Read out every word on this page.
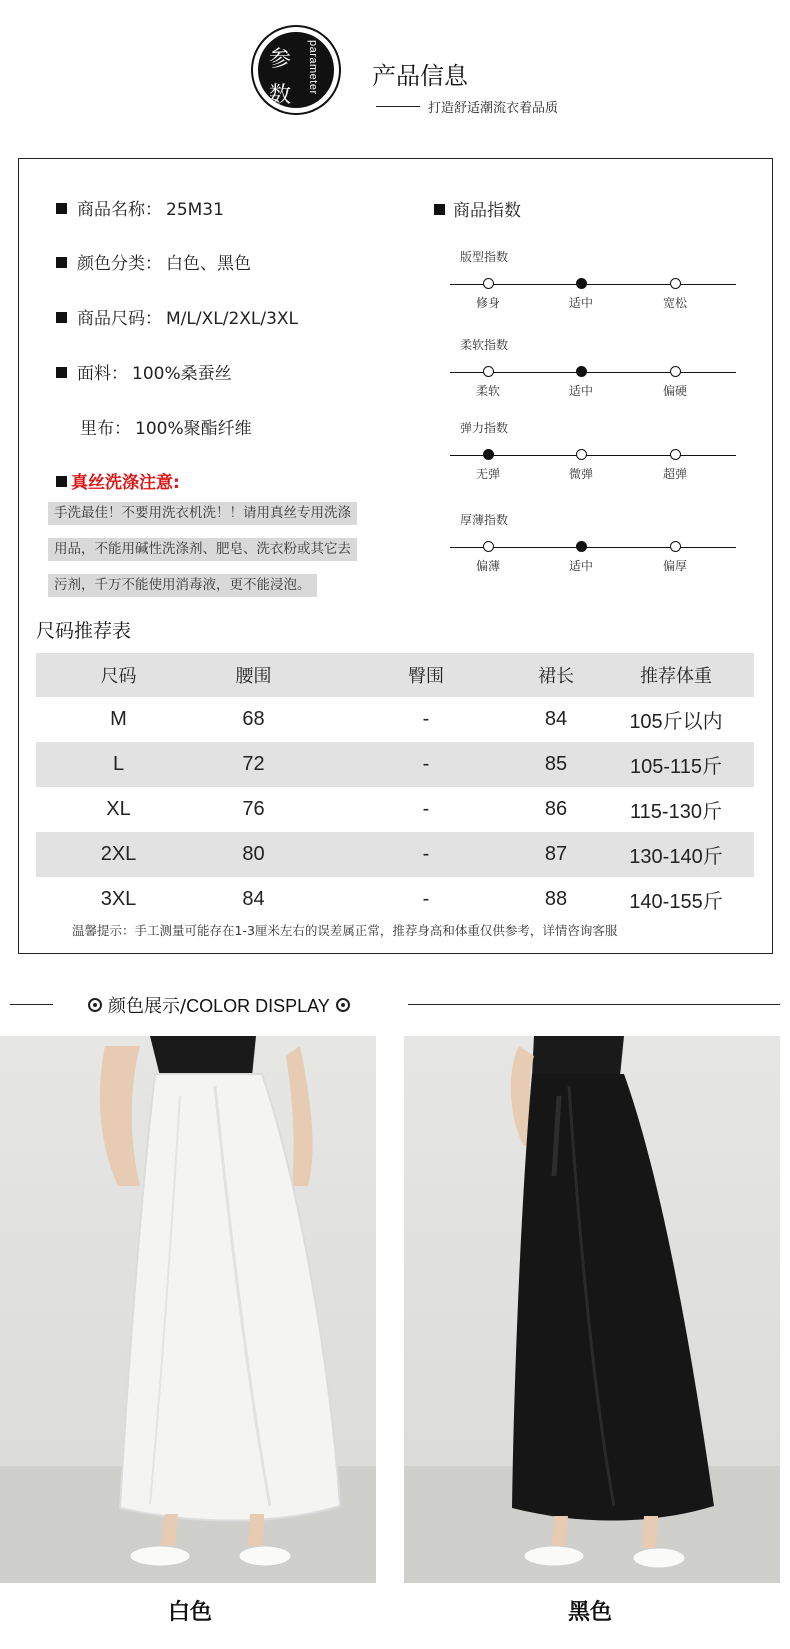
参
数
parameter 产品信息
打造舒适潮流衣着品质
商品名称： 25M31
颜色分类： 白色、黑色
商品尺码： M/L/XL/2XL/3XL
面料： 100%桑蚕丝
里布： 100%聚酯纤维
真丝洗涤注意:
手洗最佳！不要用洗衣机洗！！请用真丝专用洗涤
用品，不能用碱性洗涤剂、肥皂、洗衣粉或其它去
污剂，千万不能使用消毒液，更不能浸泡。
商品指数
版型指数
修身	适中	宽松
柔软指数
柔软	适中	偏硬
弹力指数
无弹	微弹	超弹
厚薄指数
偏薄	适中	偏厚
尺码推荐表
尺码	腰围	臀围	裙长	推荐体重
M	68	-	84	105斤以内
L	72	-	85	105-115斤
XL	76	-	86	115-130斤
2XL	80	-	87	130-140斤
3XL	84	-	88	140-155斤
温馨提示：手工测量可能存在1-3厘米左右的误差属正常，推荐身高和体重仅供参考，详情咨询客服
颜色展示/COLOR DISPLAY
白色	黑色
